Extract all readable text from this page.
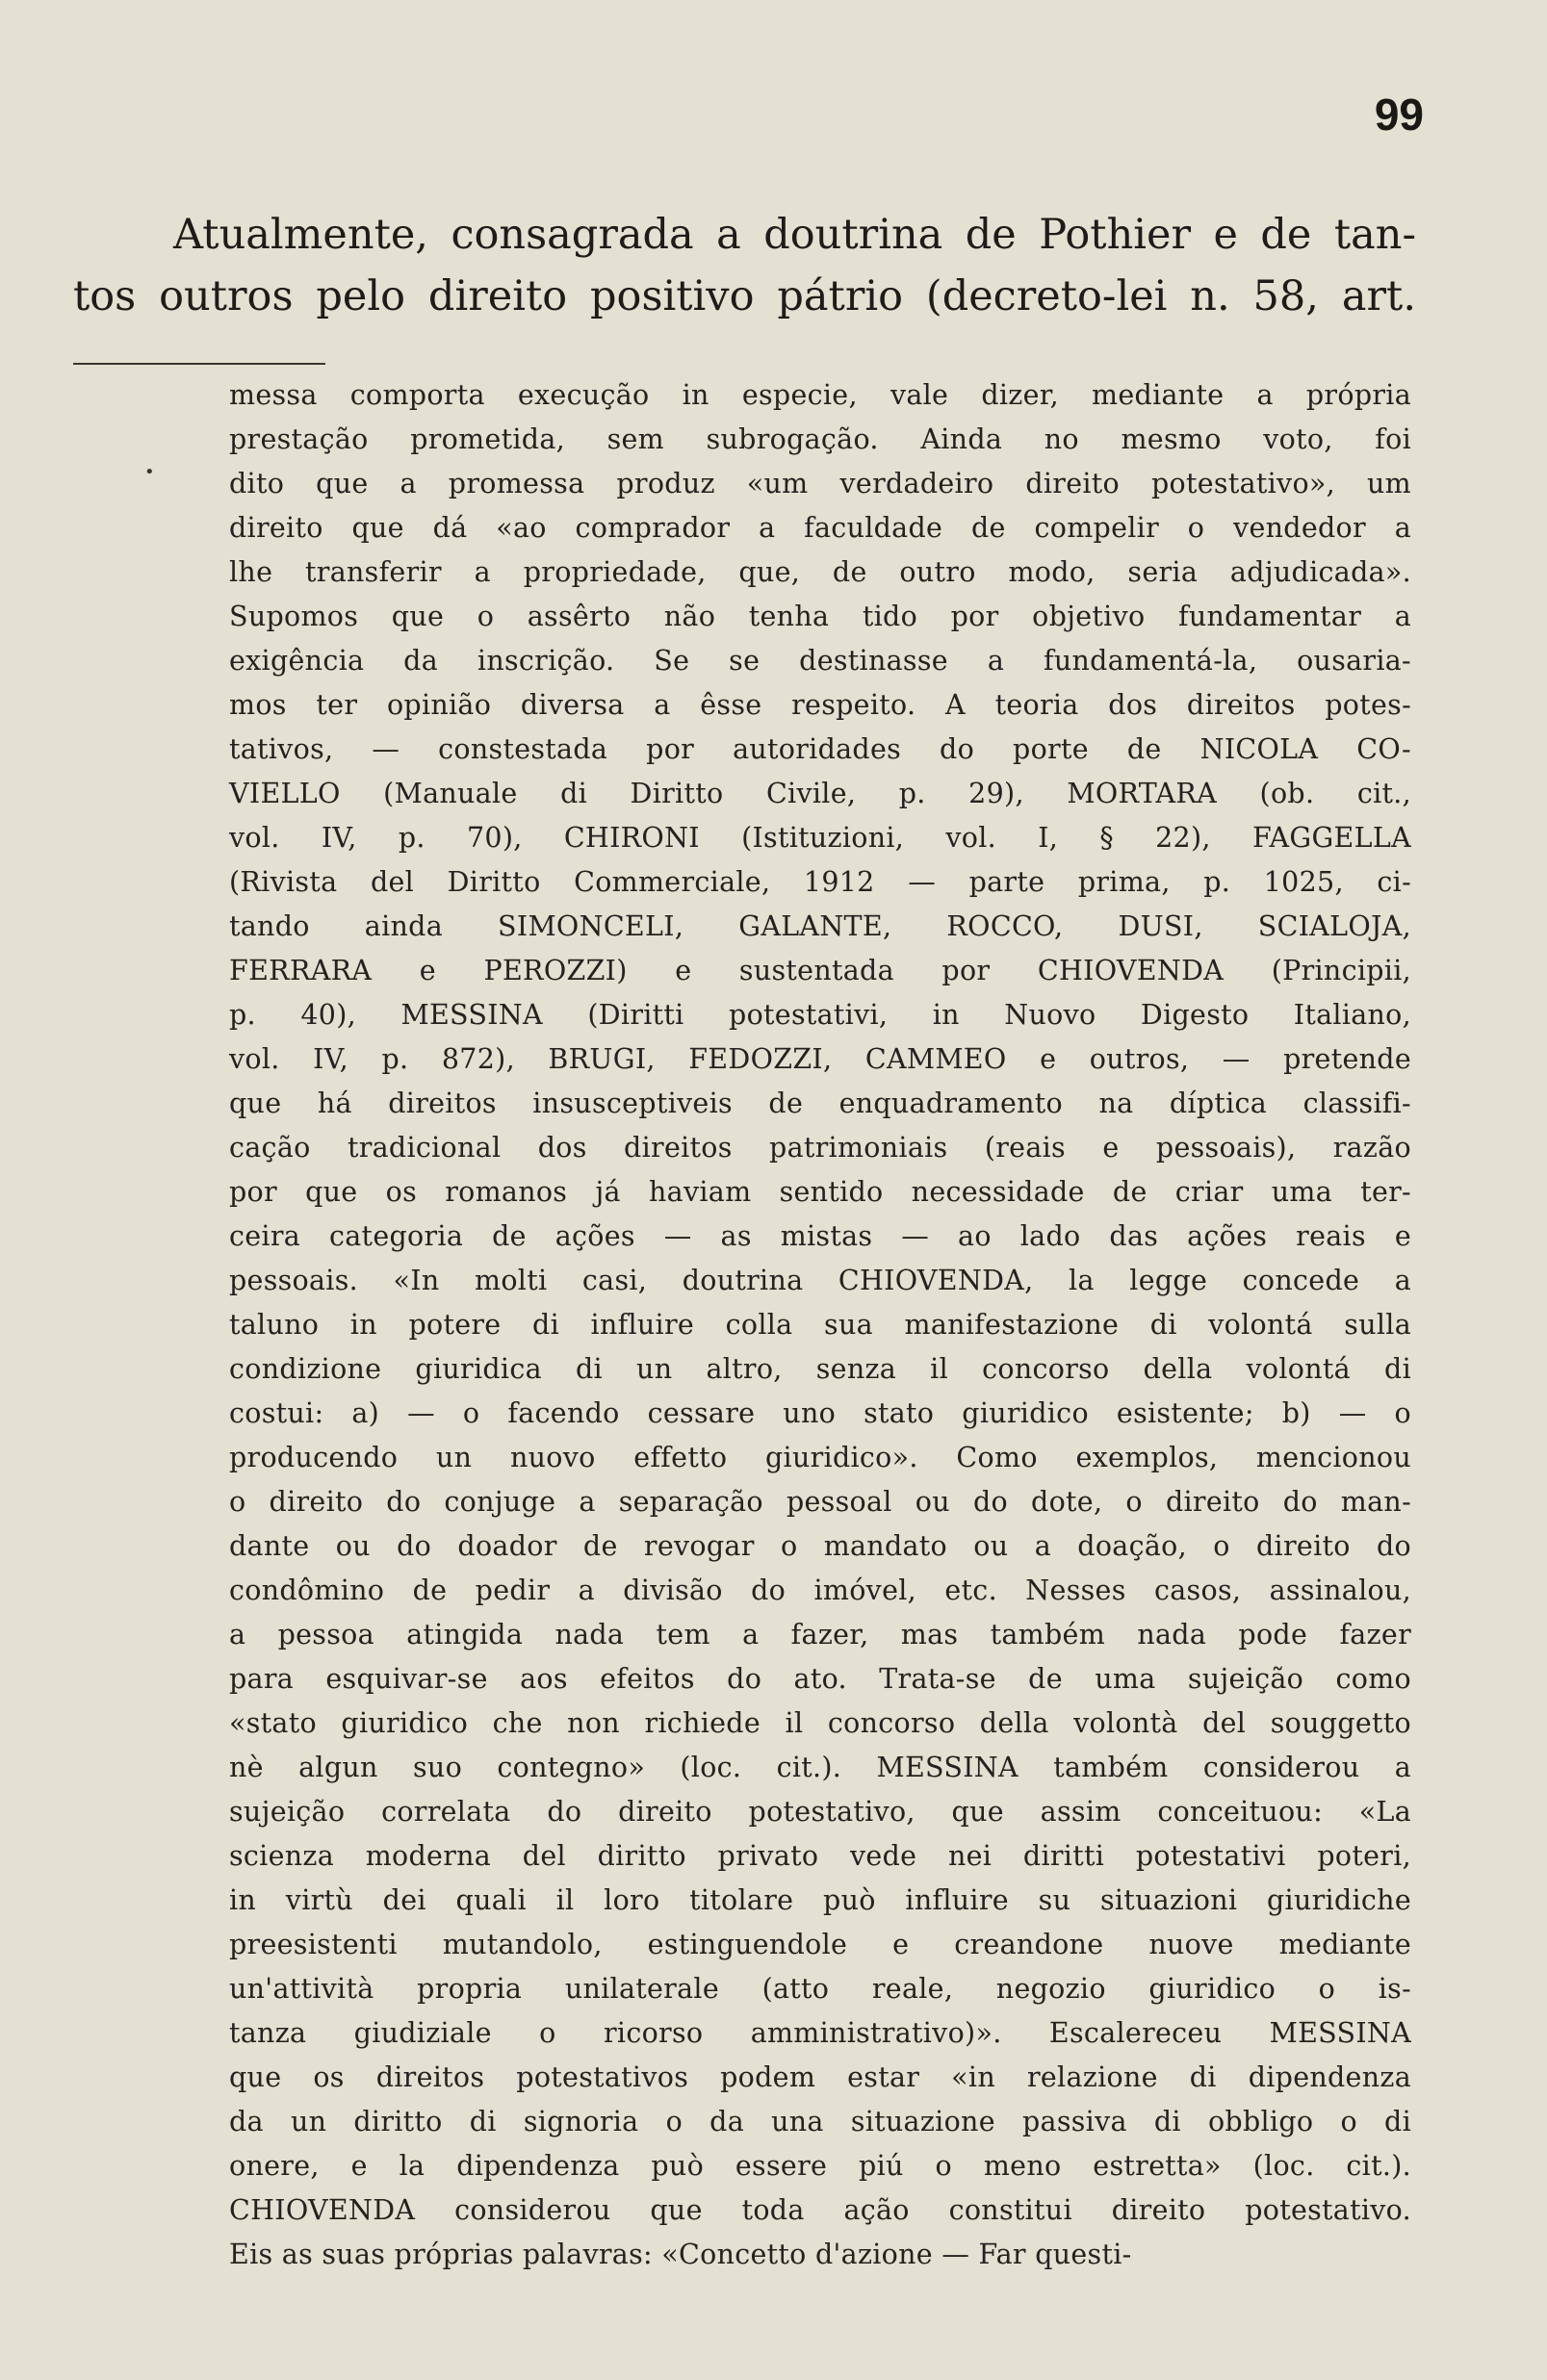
99
Atualmente, consagrada a doutrina de Pothier e de tan-
tos outros pelo direito positivo pátrio (decreto-lei n. 58, art.
•
messa comporta execução in especie, vale dizer, mediante a própria
prestação prometida, sem subrogação. Ainda no mesmo voto, foi
dito que a promessa produz «um verdadeiro direito potestativo», um
direito que dá «ao comprador a faculdade de compelir o vendedor a
lhe transferir a propriedade, que, de outro modo, seria adjudicada».
Supomos que o assêrto não tenha tido por objetivo fundamentar a
exigência da inscrição. Se se destinasse a fundamentá-la, ousaria-
mos ter opinião diversa a êsse respeito. A teoria dos direitos potes-
tativos, — constestada por autoridades do porte de NICOLA CO-
VIELLO (Manuale di Diritto Civile, p. 29), MORTARA (ob. cit.,
vol. IV, p. 70), CHIRONI (Istituzioni, vol. I, § 22), FAGGELLA
(Rivista del Diritto Commerciale, 1912 — parte prima, p. 1025, ci-
tando ainda SIMONCELI, GALANTE, ROCCO, DUSI, SCIALOJA,
FERRARA e PEROZZI) e sustentada por CHIOVENDA (Principii,
p. 40), MESSINA (Diritti potestativi, in Nuovo Digesto Italiano,
vol. IV, p. 872), BRUGI, FEDOZZI, CAMMEO e outros, — pretende
que há direitos insusceptiveis de enquadramento na díptica classifi-
cação tradicional dos direitos patrimoniais (reais e pessoais), razão
por que os romanos já haviam sentido necessidade de criar uma ter-
ceira categoria de ações — as mistas — ao lado das ações reais e
pessoais. «In molti casi, doutrina CHIOVENDA, la legge concede a
taluno in potere di influire colla sua manifestazione di volontá sulla
condizione giuridica di un altro, senza il concorso della volontá di
costui: a) — o facendo cessare uno stato giuridico esistente; b) — o
producendo un nuovo effetto giuridico». Como exemplos, mencionou
o direito do conjuge a separação pessoal ou do dote, o direito do man-
dante ou do doador de revogar o mandato ou a doação, o direito do
condômino de pedir a divisão do imóvel, etc. Nesses casos, assinalou,
a pessoa atingida nada tem a fazer, mas também nada pode fazer
para esquivar-se aos efeitos do ato. Trata-se de uma sujeição como
«stato giuridico che non richiede il concorso della volontà del souggetto
nè algun suo contegno» (loc. cit.). MESSINA também considerou a
sujeição correlata do direito potestativo, que assim conceituou: «La
scienza moderna del diritto privato vede nei diritti potestativi poteri,
in virtù dei quali il loro titolare può influire su situazioni giuridiche
preesistenti mutandolo, estinguendole e creandone nuove mediante
un'attività propria unilaterale (atto reale, negozio giuridico o is-
tanza giudiziale o ricorso amministrativo)». Escalereceu MESSINA
que os direitos potestativos podem estar «in relazione di dipendenza
da un diritto di signoria o da una situazione passiva di obbligo o di
onere, e la dipendenza può essere piú o meno estretta» (loc. cit.).
CHIOVENDA considerou que toda ação constitui direito potestativo.
Eis as suas próprias palavras: «Concetto d'azione — Far questi-
